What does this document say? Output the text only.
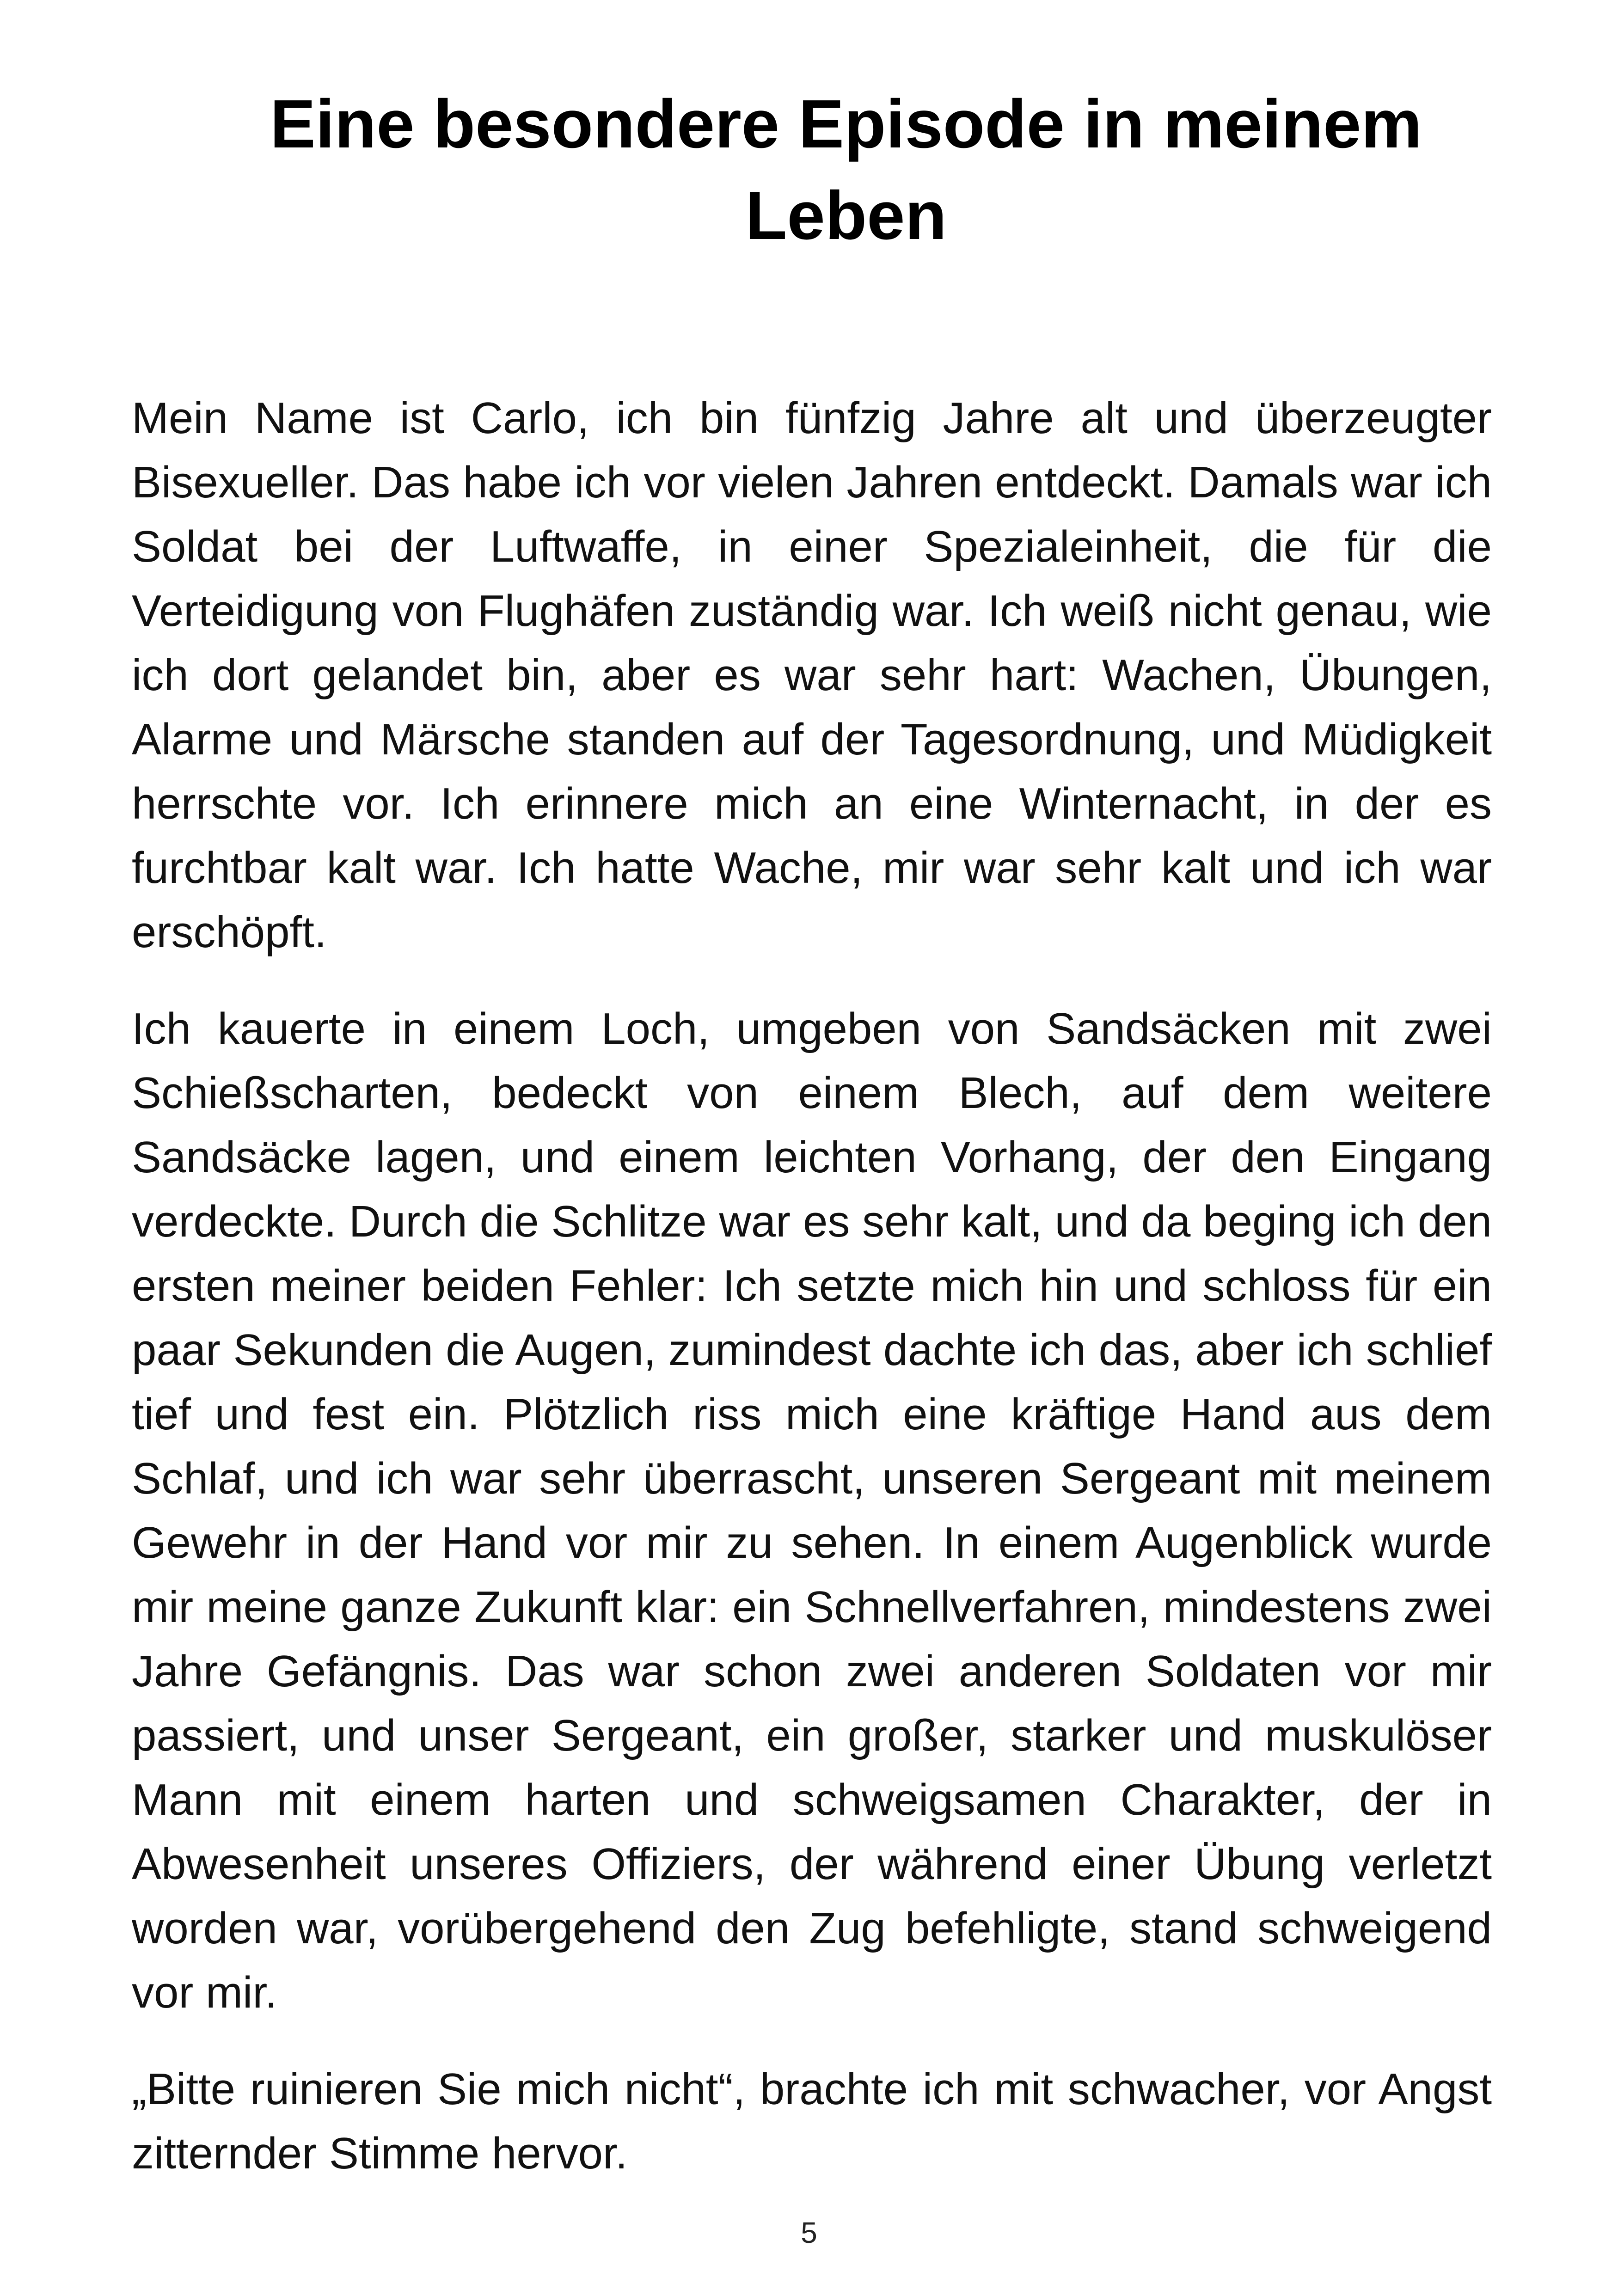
Eine besondere Episode in meinem Leben

Mein Name ist Carlo, ich bin fünfzig Jahre alt und überzeugter Bisexueller. Das habe ich vor vielen Jahren entdeckt. Damals war ich Soldat bei der Luftwaffe, in einer Spezialeinheit, die für die Verteidigung von Flughäfen zuständig war. Ich weiß nicht genau, wie ich dort gelandet bin, aber es war sehr hart: Wachen, Übungen, Alarme und Märsche standen auf der Tagesordnung, und Müdigkeit herrschte vor. Ich erinnere mich an eine Winternacht, in der es furchtbar kalt war. Ich hatte Wache, mir war sehr kalt und ich war erschöpft.

Ich kauerte in einem Loch, umgeben von Sandsäcken mit zwei Schießscharten, bedeckt von einem Blech, auf dem weitere Sandsäcke lagen, und einem leichten Vorhang, der den Eingang verdeckte. Durch die Schlitze war es sehr kalt, und da beging ich den ersten meiner beiden Fehler: Ich setzte mich hin und schloss für ein paar Sekunden die Augen, zumindest dachte ich das, aber ich schlief tief und fest ein. Plötzlich riss mich eine kräftige Hand aus dem Schlaf, und ich war sehr überrascht, unseren Sergeant mit meinem Gewehr in der Hand vor mir zu sehen. In einem Augenblick wurde mir meine ganze Zukunft klar: ein Schnellverfahren, mindestens zwei Jahre Gefängnis. Das war schon zwei anderen Soldaten vor mir passiert, und unser Sergeant, ein großer, starker und muskulöser Mann mit einem harten und schweigsamen Charakter, der in Abwesenheit unseres Offiziers, der während einer Übung verletzt worden war, vorübergehend den Zug befehligte, stand schweigend vor mir.

„Bitte ruinieren Sie mich nicht“, brachte ich mit schwacher, vor Angst zitternder Stimme hervor.

5
